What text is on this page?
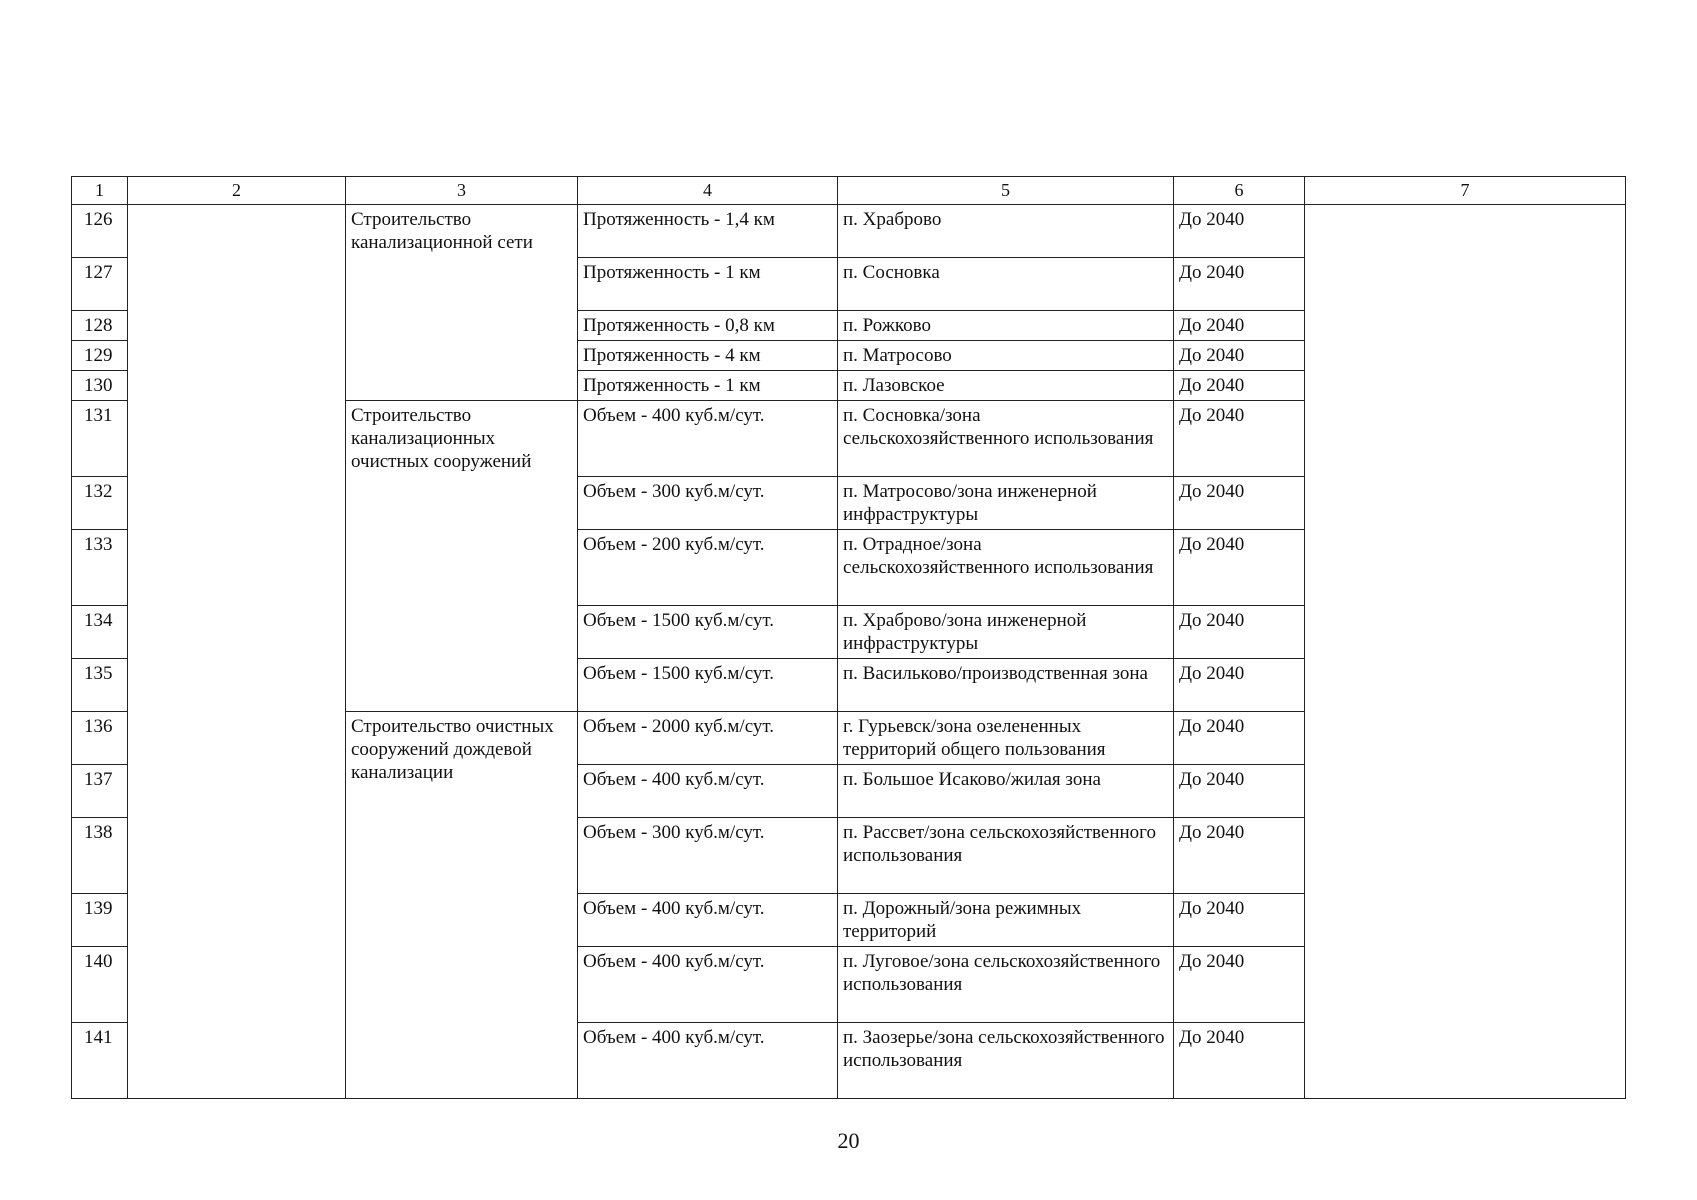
1	2	3	4	5	6	7
126		Строительство канализационной сети	Протяженность - 1,4 км	п. Храброво	До 2040	
127			Протяженность - 1 км	п. Сосновка	До 2040	
128			Протяженность - 0,8 км	п. Рожково	До 2040	
129			Протяженность - 4 км	п. Матросово	До 2040	
130			Протяженность - 1 км	п. Лазовское	До 2040	
131		Строительство канализационных очистных сооружений	Объем - 400 куб.м/сут.	п. Сосновка/зона сельскохозяйственного использования	До 2040	
132			Объем - 300 куб.м/сут.	п. Матросово/зона инженерной инфраструктуры	До 2040	
133			Объем - 200 куб.м/сут.	п. Отрадное/зона сельскохозяйственного использования	До 2040	
134			Объем - 1500 куб.м/сут.	п. Храброво/зона инженерной инфраструктуры	До 2040	
135			Объем - 1500 куб.м/сут.	п. Васильково/производственная зона	До 2040	
136		Строительство очистных сооружений дождевой канализации	Объем - 2000 куб.м/сут.	г. Гурьевск/зона озелененных территорий общего пользования	До 2040	
137			Объем - 400 куб.м/сут.	п. Большое Исаково/жилая зона	До 2040	
138			Объем - 300 куб.м/сут.	п. Рассвет/зона сельскохозяйственного использования	До 2040	
139			Объем - 400 куб.м/сут.	п. Дорожный/зона режимных территорий	До 2040	
140			Объем - 400 куб.м/сут.	п. Луговое/зона сельскохозяйственного использования	До 2040	
141			Объем - 400 куб.м/сут.	п. Заозерье/зона сельскохозяйственного использования	До 2040	
20
